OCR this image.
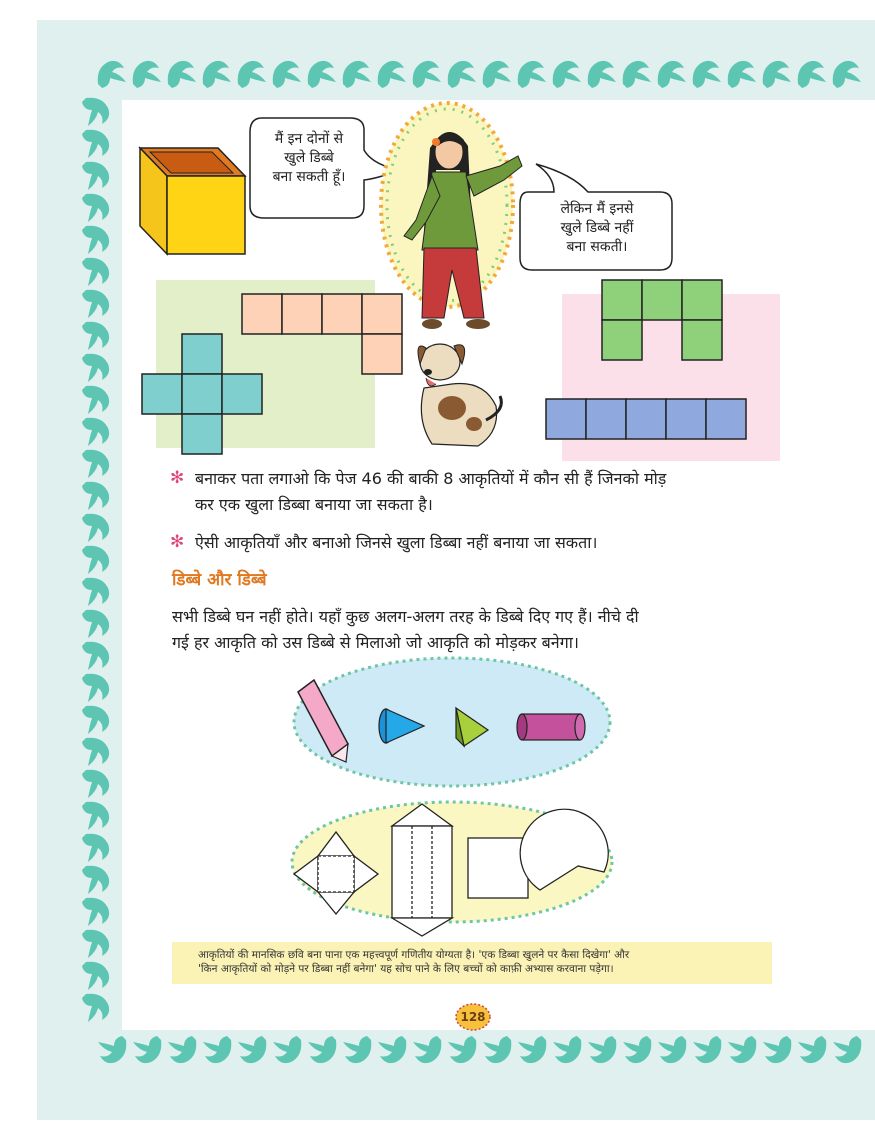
मैं इन दोनों से
खुले डिब्बे
बना सकती हूँ।
लेकिन मैं इनसे
खुले डिब्बे नहीं
बना सकती।
✻ बनाकर पता लगाओ कि पेज 46 की बाकी 8 आकृतियों में कौन सी हैं जिनको मोड़
कर एक खुला डिब्बा बनाया जा सकता है।
✻ ऐसी आकृतियाँ और बनाओ जिनसे खुला डिब्बा नहीं बनाया जा सकता।
डिब्बे और डिब्बे
सभी डिब्बे घन नहीं होते। यहाँ कुछ अलग-अलग तरह के डिब्बे दिए गए हैं। नीचे दी
गई हर आकृति को उस डिब्बे से मिलाओ जो आकृति को मोड़कर बनेगा।
आकृतियों की मानसिक छवि बना पाना एक महत्त्वपूर्ण गणितीय योग्यता है। 'एक डिब्बा खुलने पर कैसा दिखेगा' और
'किन आकृतियों को मोड़ने पर डिब्बा नहीं बनेगा' यह सोच पाने के लिए बच्चों को काफ़ी अभ्यास करवाना पड़ेगा।
128
